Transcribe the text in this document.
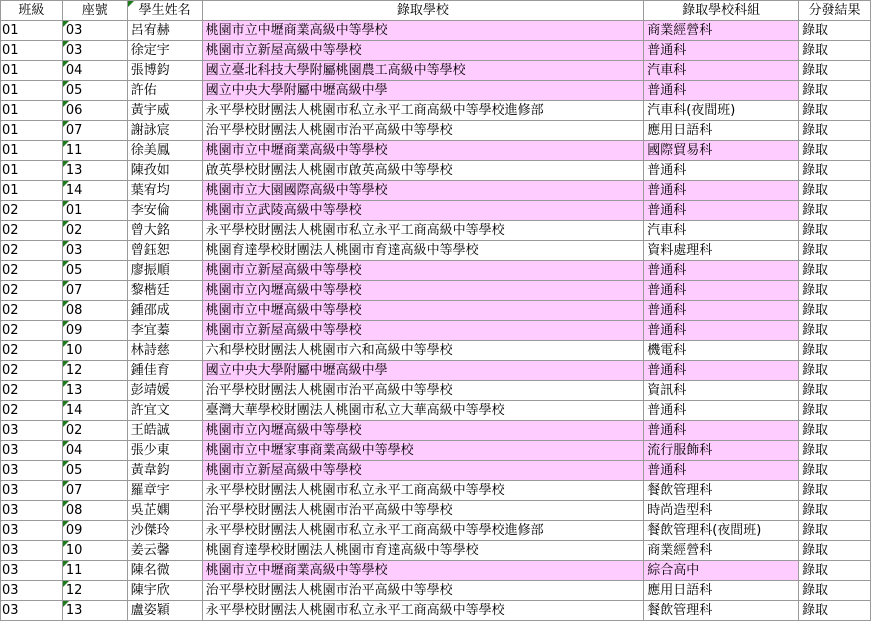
班級	座號	學生姓名	錄取學校	錄取學校科組	分發結果
01	03	呂宥赫	桃園市立中壢商業高級中等學校	商業經營科	錄取
01	03	徐定宇	桃園市立新屋高級中等學校	普通科	錄取
01	04	張博鈞	國立臺北科技大學附屬桃園農工高級中等學校	汽車科	錄取
01	05	許佑	國立中央大學附屬中壢高級中學	普通科	錄取
01	06	黃宇威	永平學校財團法人桃園市私立永平工商高級中等學校進修部	汽車科(夜間班)	錄取
01	07	謝詠宸	治平學校財團法人桃園市治平高級中等學校	應用日語科	錄取
01	11	徐美鳳	桃園市立中壢商業高級中等學校	國際貿易科	錄取
01	13	陳孜如	啟英學校財團法人桃園市啟英高級中等學校	普通科	錄取
01	14	葉宥均	桃園市立大園國際高級中等學校	普通科	錄取
02	01	李安倫	桃園市立武陵高級中等學校	普通科	錄取
02	02	曾大銘	永平學校財團法人桃園市私立永平工商高級中等學校	汽車科	錄取
02	03	曾鈺恕	桃園育達學校財團法人桃園市育達高級中等學校	資料處理科	錄取
02	05	廖振順	桃園市立新屋高級中等學校	普通科	錄取
02	07	黎楷廷	桃園市立內壢高級中等學校	普通科	錄取
02	08	鍾邵成	桃園市立中壢高級中等學校	普通科	錄取
02	09	李宜蓁	桃園市立新屋高級中等學校	普通科	錄取
02	10	林詩慈	六和學校財團法人桃園市六和高級中等學校	機電科	錄取
02	12	鍾佳育	國立中央大學附屬中壢高級中學	普通科	錄取
02	13	彭靖媛	治平學校財團法人桃園市治平高級中等學校	資訊科	錄取
02	14	許宜文	臺灣大華學校財團法人桃園市私立大華高級中等學校	普通科	錄取
03	02	王皓誠	桃園市立內壢高級中等學校	普通科	錄取
03	04	張少東	桃園市立中壢家事商業高級中等學校	流行服飾科	錄取
03	05	黃韋鈞	桃園市立新屋高級中等學校	普通科	錄取
03	07	羅章宇	永平學校財團法人桃園市私立永平工商高級中等學校	餐飲管理科	錄取
03	08	吳芷嫻	治平學校財團法人桃園市治平高級中等學校	時尚造型科	錄取
03	09	沙傑玲	永平學校財團法人桃園市私立永平工商高級中等學校進修部	餐飲管理科(夜間班)	錄取
03	10	姜云馨	桃園育達學校財團法人桃園市育達高級中等學校	商業經營科	錄取
03	11	陳名微	桃園市立中壢商業高級中等學校	綜合高中	錄取
03	12	陳宇欣	治平學校財團法人桃園市治平高級中等學校	應用日語科	錄取
03	13	盧姿穎	永平學校財團法人桃園市私立永平工商高級中等學校	餐飲管理科	錄取
